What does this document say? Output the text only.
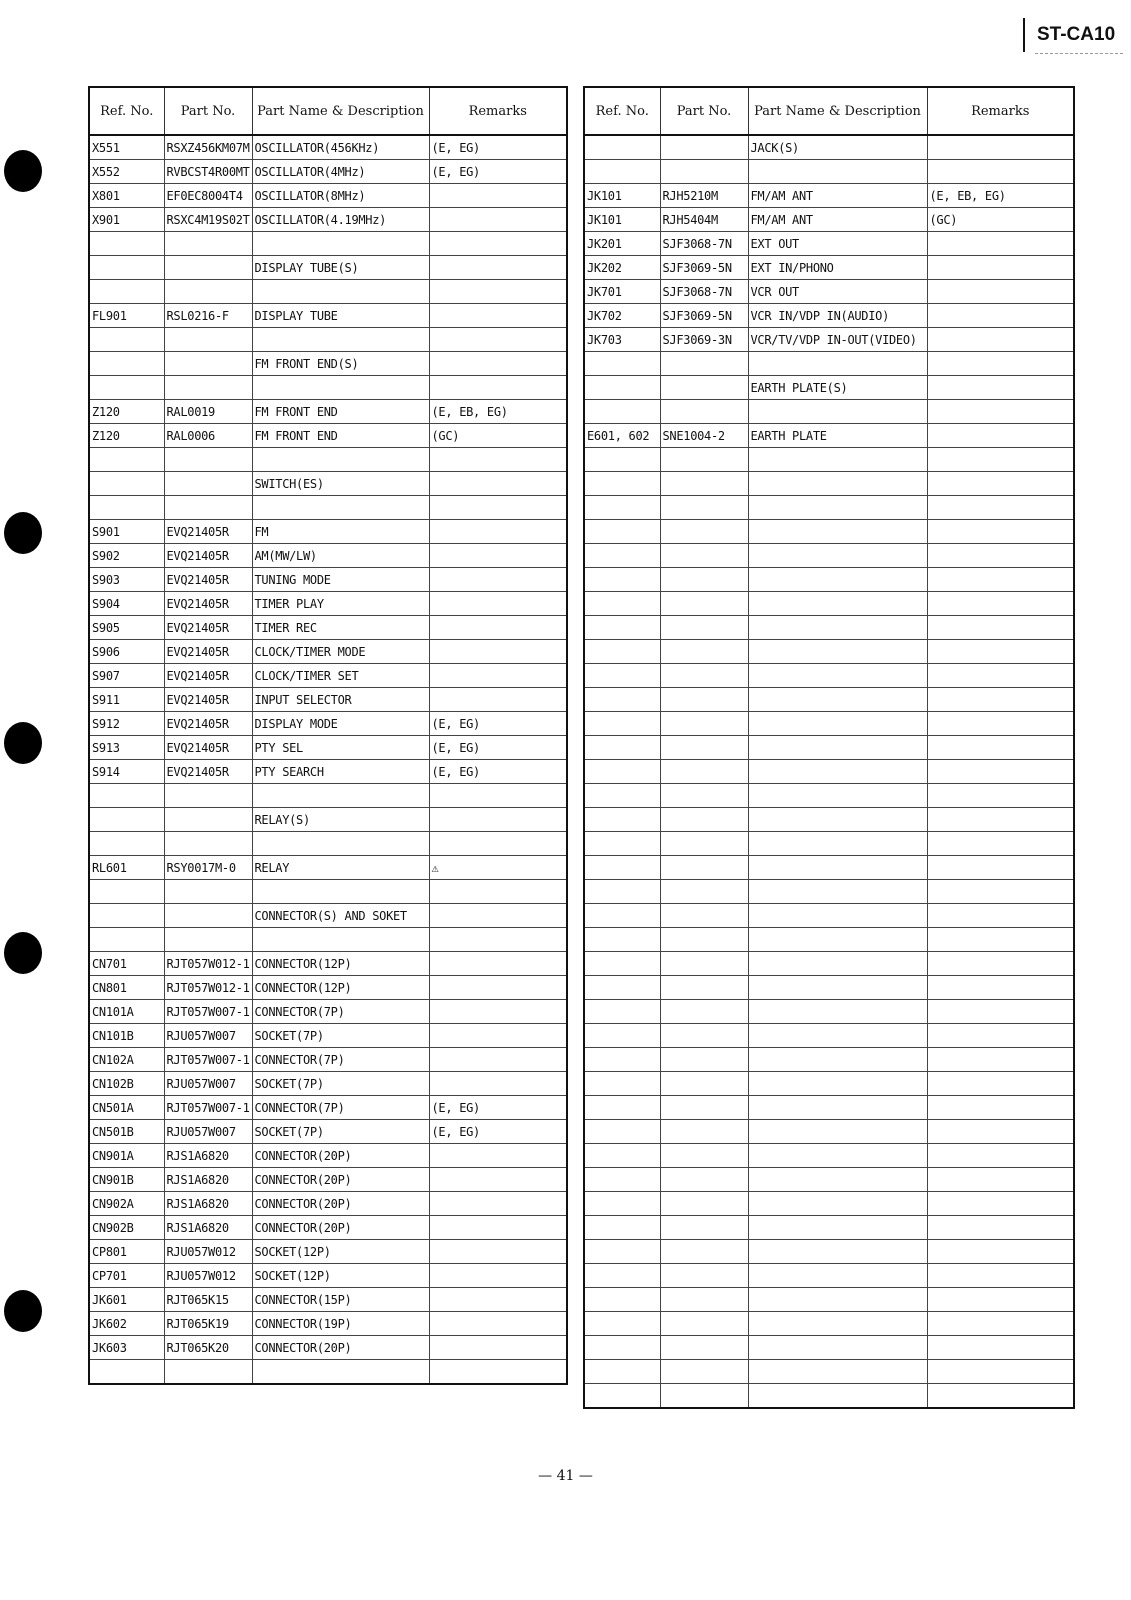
ST-CA10
Ref. No.	Part No.	Part Name & Description	Remarks
X551	RSXZ456KM07M	OSCILLATOR(456KHz)	(E, EG)
X552	RVBCST4R00MT	OSCILLATOR(4MHz)	(E, EG)
X801	EF0EC8004T4	OSCILLATOR(8MHz)	
X901	RSXC4M19S02T	OSCILLATOR(4.19MHz)	

		DISPLAY TUBE(S)	

FL901	RSL0216-F	DISPLAY TUBE	

		FM FRONT END(S)	

Z120	RAL0019	FM FRONT END	(E, EB, EG)
Z120	RAL0006	FM FRONT END	(GC)

		SWITCH(ES)	

S901	EVQ21405R	FM	
S902	EVQ21405R	AM(MW/LW)	
S903	EVQ21405R	TUNING MODE	
S904	EVQ21405R	TIMER PLAY	
S905	EVQ21405R	TIMER REC	
S906	EVQ21405R	CLOCK/TIMER MODE	
S907	EVQ21405R	CLOCK/TIMER SET	
S911	EVQ21405R	INPUT SELECTOR	
S912	EVQ21405R	DISPLAY MODE	(E, EG)
S913	EVQ21405R	PTY SEL	(E, EG)
S914	EVQ21405R	PTY SEARCH	(E, EG)

		RELAY(S)	

RL601	RSY0017M-0	RELAY	⚠

		CONNECTOR(S) AND SOKET	

CN701	RJT057W012-1	CONNECTOR(12P)	
CN801	RJT057W012-1	CONNECTOR(12P)	
CN101A	RJT057W007-1	CONNECTOR(7P)	
CN101B	RJU057W007	SOCKET(7P)	
CN102A	RJT057W007-1	CONNECTOR(7P)	
CN102B	RJU057W007	SOCKET(7P)	
CN501A	RJT057W007-1	CONNECTOR(7P)	(E, EG)
CN501B	RJU057W007	SOCKET(7P)	(E, EG)
CN901A	RJS1A6820	CONNECTOR(20P)	
CN901B	RJS1A6820	CONNECTOR(20P)	
CN902A	RJS1A6820	CONNECTOR(20P)	
CN902B	RJS1A6820	CONNECTOR(20P)	
CP801	RJU057W012	SOCKET(12P)	
CP701	RJU057W012	SOCKET(12P)	
JK601	RJT065K15	CONNECTOR(15P)	
JK602	RJT065K19	CONNECTOR(19P)	
JK603	RJT065K20	CONNECTOR(20P)	

Ref. No.	Part No.	Part Name & Description	Remarks
		JACK(S)	

JK101	RJH5210M	FM/AM ANT	(E, EB, EG)
JK101	RJH5404M	FM/AM ANT	(GC)
JK201	SJF3068-7N	EXT OUT	
JK202	SJF3069-5N	EXT IN/PHONO	
JK701	SJF3068-7N	VCR OUT	
JK702	SJF3069-5N	VCR IN/VDP IN(AUDIO)	
JK703	SJF3069-3N	VCR/TV/VDP IN-OUT(VIDEO)	

		EARTH PLATE(S)	

E601, 602	SNE1004-2	EARTH PLATE	

— 41 —
